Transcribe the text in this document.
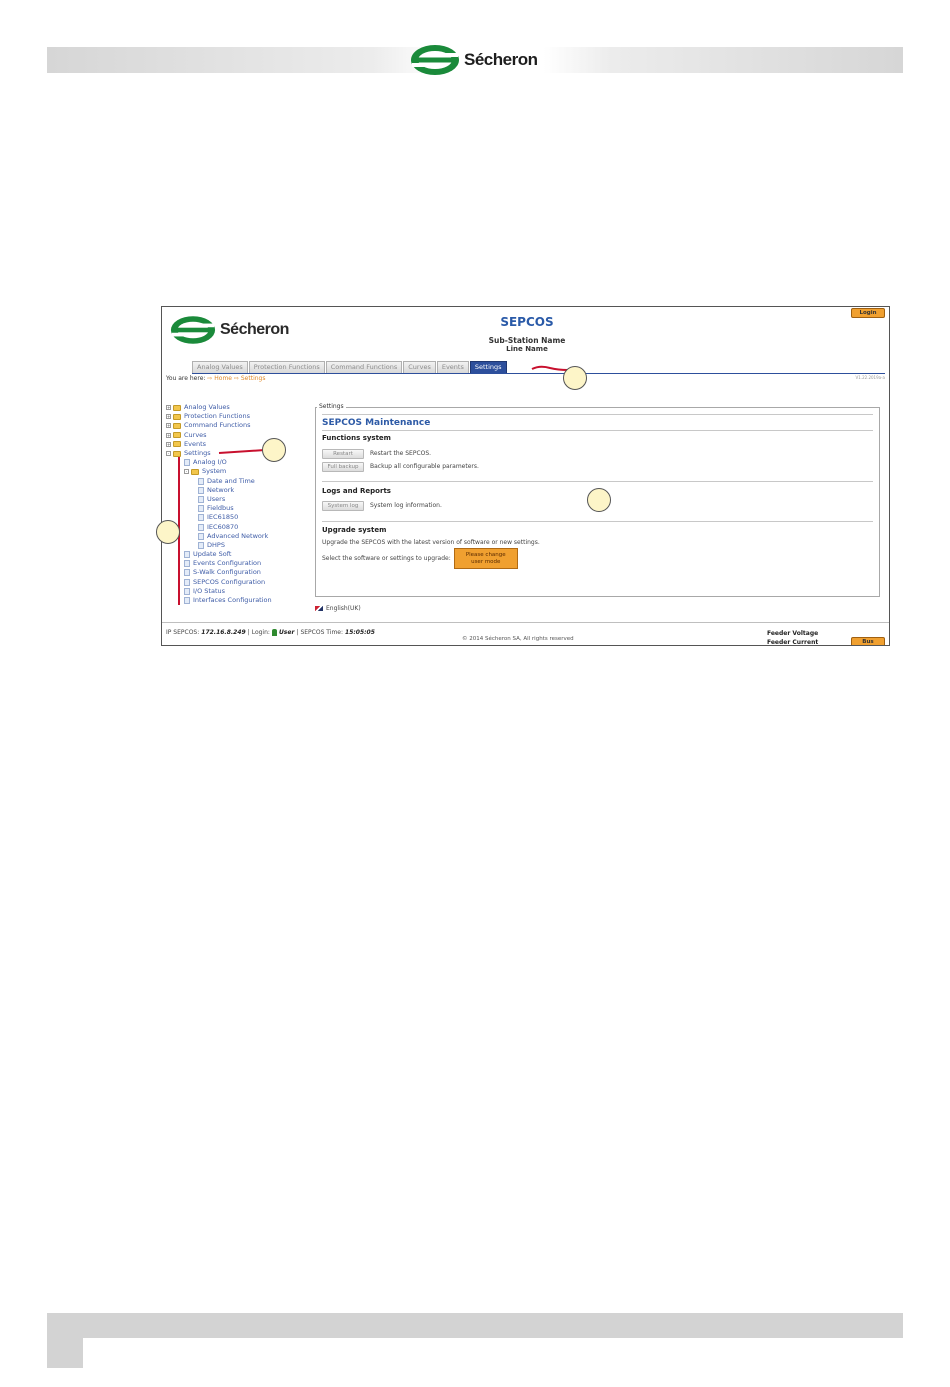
Sécheron
Sécheron	SEPCOS
Sub-Station Name
Line Name
Login
Analog Values	Protection Functions	Command Functions	Curves	Events	Settings
V1.22.2019a-a
You are here: ⇨ Home ⇨ Settings
+ Analog Values
+ Protection Functions
+ Command Functions
+ Curves
+ Events
- Settings
Analog I/O
- System
Date and Time
Network
Users
Fieldbus
IEC61850
IEC60870
Advanced Network
DHPS
Update Soft
Events Configuration
S-Walk Configuration
SEPCOS Configuration
I/O Status
Interfaces Configuration
SEPCOS Maintenance
Functions system
Restart	Restart the SEPCOS.
Full backup	Backup all configurable parameters.
Logs and Reports
System log	System log information.
Upgrade system
Upgrade the SEPCOS with the latest version of software or new settings.
Select the software or settings to upgrade:	Please change
user mode
Settings
English(UK)
IP SEPCOS: 172.16.8.249 | Login: User | SEPCOS Time: 15:05:05
© 2014 Sécheron SA, All rights reserved
Feeder Voltage
Feeder Current	Bus
